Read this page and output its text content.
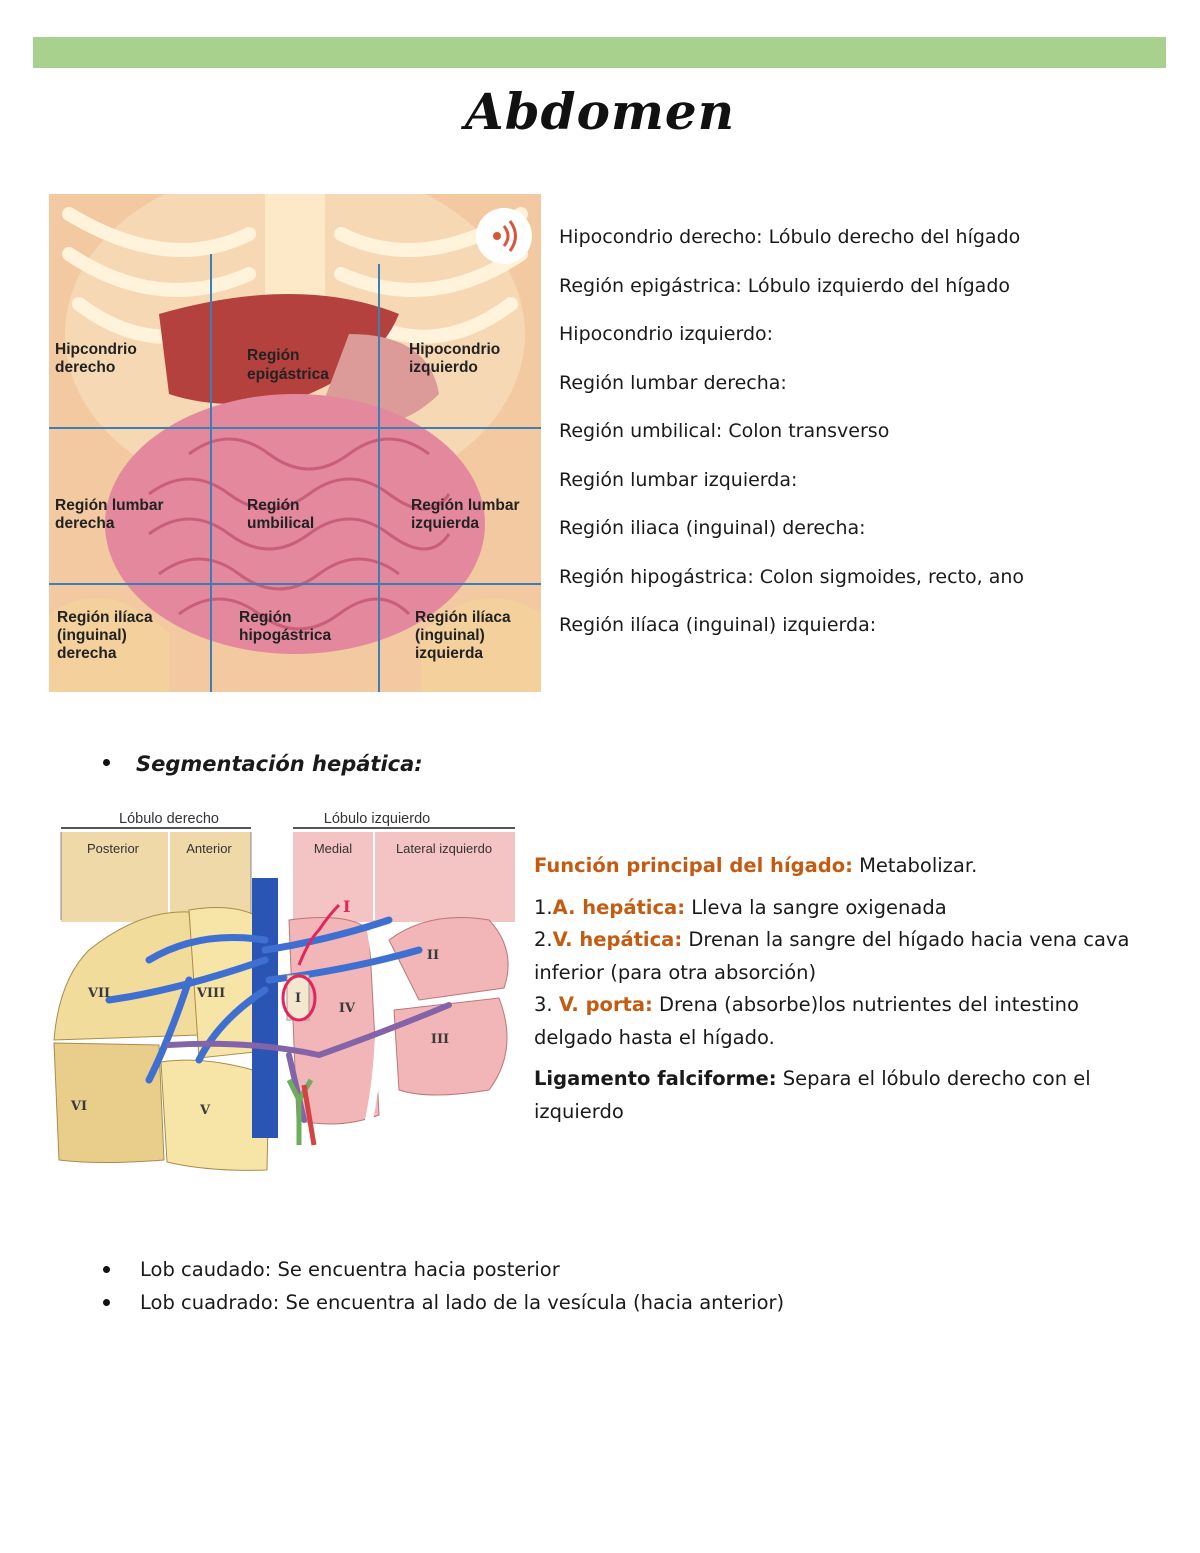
Abdomen
Hipcondrio
derecho
Región
epigástrica
Hipocondrio
izquierdo
Región lumbar
derecha
Región
umbilical
Región lumbar
izquierda
Región ilíaca
(inguinal)
derecha
Región
hipogástrica
Región ilíaca
(inguinal)
izquierda
Hipocondrio derecho: Lóbulo derecho del hígado
Región epigástrica: Lóbulo izquierdo del hígado
Hipocondrio izquierdo:
Región lumbar derecha:
Región umbilical: Colon transverso
Región lumbar izquierda:
Región iliaca (inguinal) derecha:
Región hipogástrica: Colon sigmoides, recto, ano
Región ilíaca (inguinal) izquierda:
Segmentación hepática:
Lóbulo derecho	Lóbulo izquierdo
Posterior	Anterior	Medial	Lateral izquierdo
I
VII	VIII
VI	V
I
IV
II
III
Función principal del hígado: Metabolizar.
1.A. hepática: Lleva la sangre oxigenada
2.V. hepática: Drenan la sangre del hígado hacia vena cava inferior (para otra absorción)
3. V. porta: Drena (absorbe)los nutrientes del intestino delgado hasta el hígado.
Ligamento falciforme: Separa el lóbulo derecho con el izquierdo
Lob caudado: Se encuentra hacia posterior
Lob cuadrado: Se encuentra al lado de la vesícula (hacia anterior)
